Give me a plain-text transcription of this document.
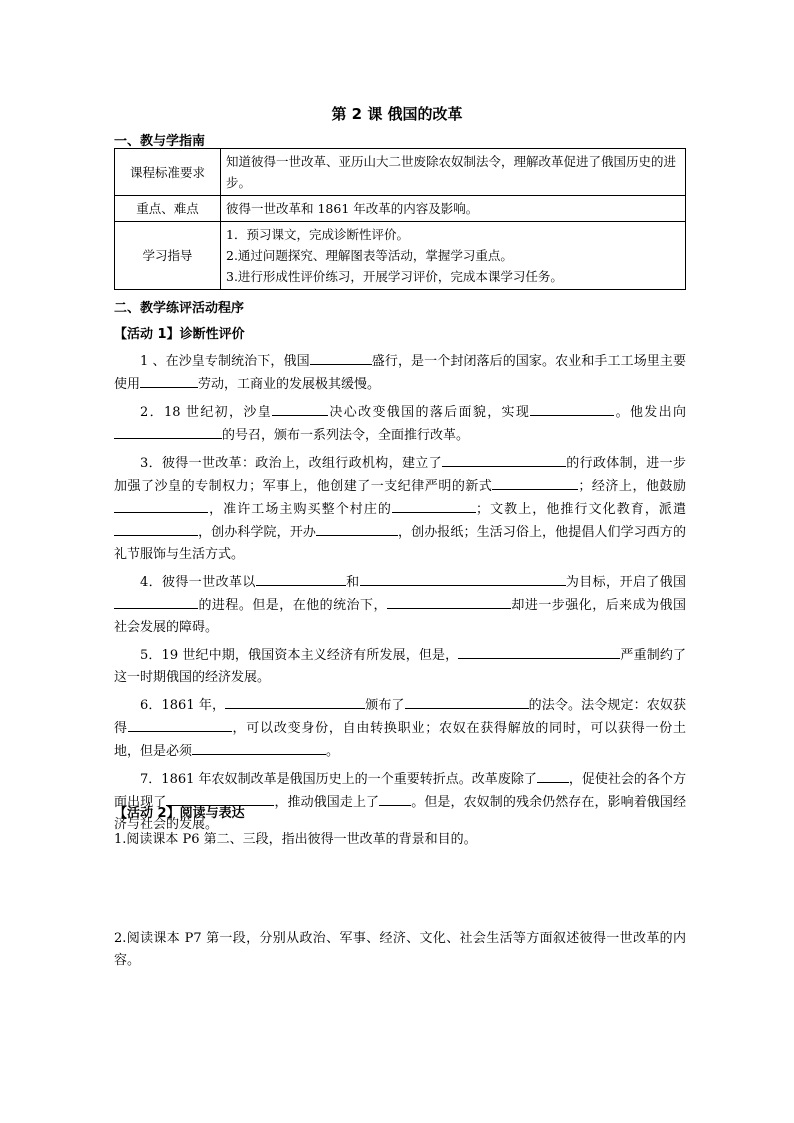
第 2 课 俄国的改革
一、教与学指南
课程标准要求	知道彼得一世改革、亚历山大二世废除农奴制法令，理解改革促进了俄国历史的进步。
重点、难点	彼得一世改革和 1861 年改革的内容及影响。
学习指导	1．预习课文，完成诊断性评价。
2.通过问题探究、理解图表等活动，掌握学习重点。
3.进行形成性评价练习，开展学习评价，完成本课学习任务。
二、教学练评活动程序
【活动 1】诊断性评价

1 、在沙皇专制统治下，俄国	盛行，是一个封闭落后的国家。农业和手工工场里主要使用	劳动，工商业的发展极其缓慢。

2．18 世纪初，沙皇	决心改变俄国的落后面貌，实现	。他发出向的号召，颁布一系列法令，全面推行改革。

3．彼得一世改革：政治上，改组行政机构，建立了	的行政体制，进一步加强了沙皇的专制权力；军事上，他创建了一支纪律严明的新式	；经济上，他鼓励，准许工场主购买整个村庄的	；文教上，他推行文化教育，派遣，创办科学院，开办	，创办报纸；生活习俗上，他提倡人们学习西方的礼节服饰与生活方式。

4．彼得一世改革以	和	为目标，开启了俄国的进程。但是，在他的统治下，	却进一步强化，后来成为俄国社会发展的障碍。

5．19 世纪中期，俄国资本主义经济有所发展，但是，	严重制约了这一时期俄国的经济发展。

6．1861 年，	颁布了	的法令。法令规定：农奴获得	，可以改变身份，自由转换职业；农奴在获得解放的同时，可以获得一份土地，但是必须	。

7．1861 年农奴制改革是俄国历史上的一个重要转折点。改革废除了 ，促使社会的各个方面出现了	，推动俄国走上了 。但是，农奴制的残余仍然存在，影响着俄国经济与社会的发展。

【活动 2】阅读与表达

1.阅读课本 P6 第二、三段，指出彼得一世改革的背景和目的。

2.阅读课本 P7 第一段，分别从政治、军事、经济、文化、社会生活等方面叙述彼得一世改革的内容。
